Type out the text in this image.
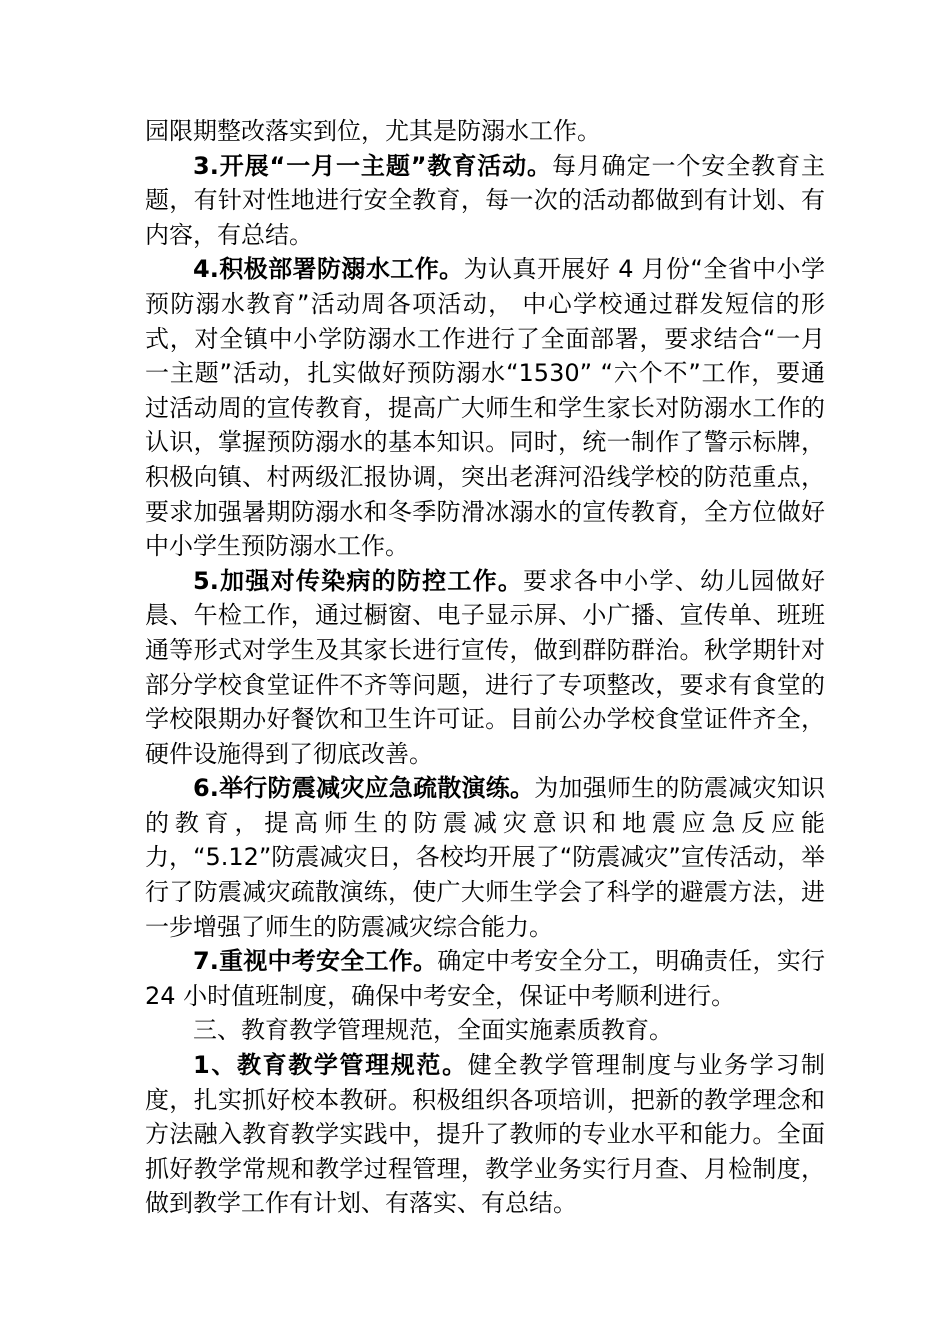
园限期整改落实到位，尤其是防溺水工作。

3.开展“一月一主题”教育活动。每月确定一个安全教育主题，有针对性地进行安全教育，每一次的活动都做到有计划、有内容，有总结。

4.积极部署防溺水工作。为认真开展好 4 月份“全省中小学预防溺水教育”活动周各项活动， 中心学校通过群发短信的形式，对全镇中小学防溺水工作进行了全面部署，要求结合“一月一主题”活动，扎实做好预防溺水“1530” “六个不”工作，要通过活动周的宣传教育，提高广大师生和学生家长对防溺水工作的认识，掌握预防溺水的基本知识。同时，统一制作了警示标牌，积极向镇、村两级汇报协调，突出老湃河沿线学校的防范重点，要求加强暑期防溺水和冬季防滑冰溺水的宣传教育，全方位做好中小学生预防溺水工作。

5.加强对传染病的防控工作。要求各中小学、幼儿园做好晨、午检工作，通过橱窗、电子显示屏、小广播、宣传单、班班通等形式对学生及其家长进行宣传，做到群防群治。秋学期针对部分学校食堂证件不齐等问题，进行了专项整改，要求有食堂的学校限期办好餐饮和卫生许可证。目前公办学校食堂证件齐全，硬件设施得到了彻底改善。

6.举行防震减灾应急疏散演练。为加强师生的防震减灾知识的教育，提高师生的防震减灾意识和地震应急反应能力，“5.12”防震减灾日，各校均开展了“防震减灾”宣传活动，举行了防震减灾疏散演练，使广大师生学会了科学的避震方法，进一步增强了师生的防震减灾综合能力。

7.重视中考安全工作。确定中考安全分工，明确责任，实行 24 小时值班制度，确保中考安全，保证中考顺利进行。

三、教育教学管理规范，全面实施素质教育。

1、教育教学管理规范。健全教学管理制度与业务学习制度，扎实抓好校本教研。积极组织各项培训，把新的教学理念和方法融入教育教学实践中，提升了教师的专业水平和能力。全面抓好教学常规和教学过程管理，教学业务实行月查、月检制度，做到教学工作有计划、有落实、有总结。
